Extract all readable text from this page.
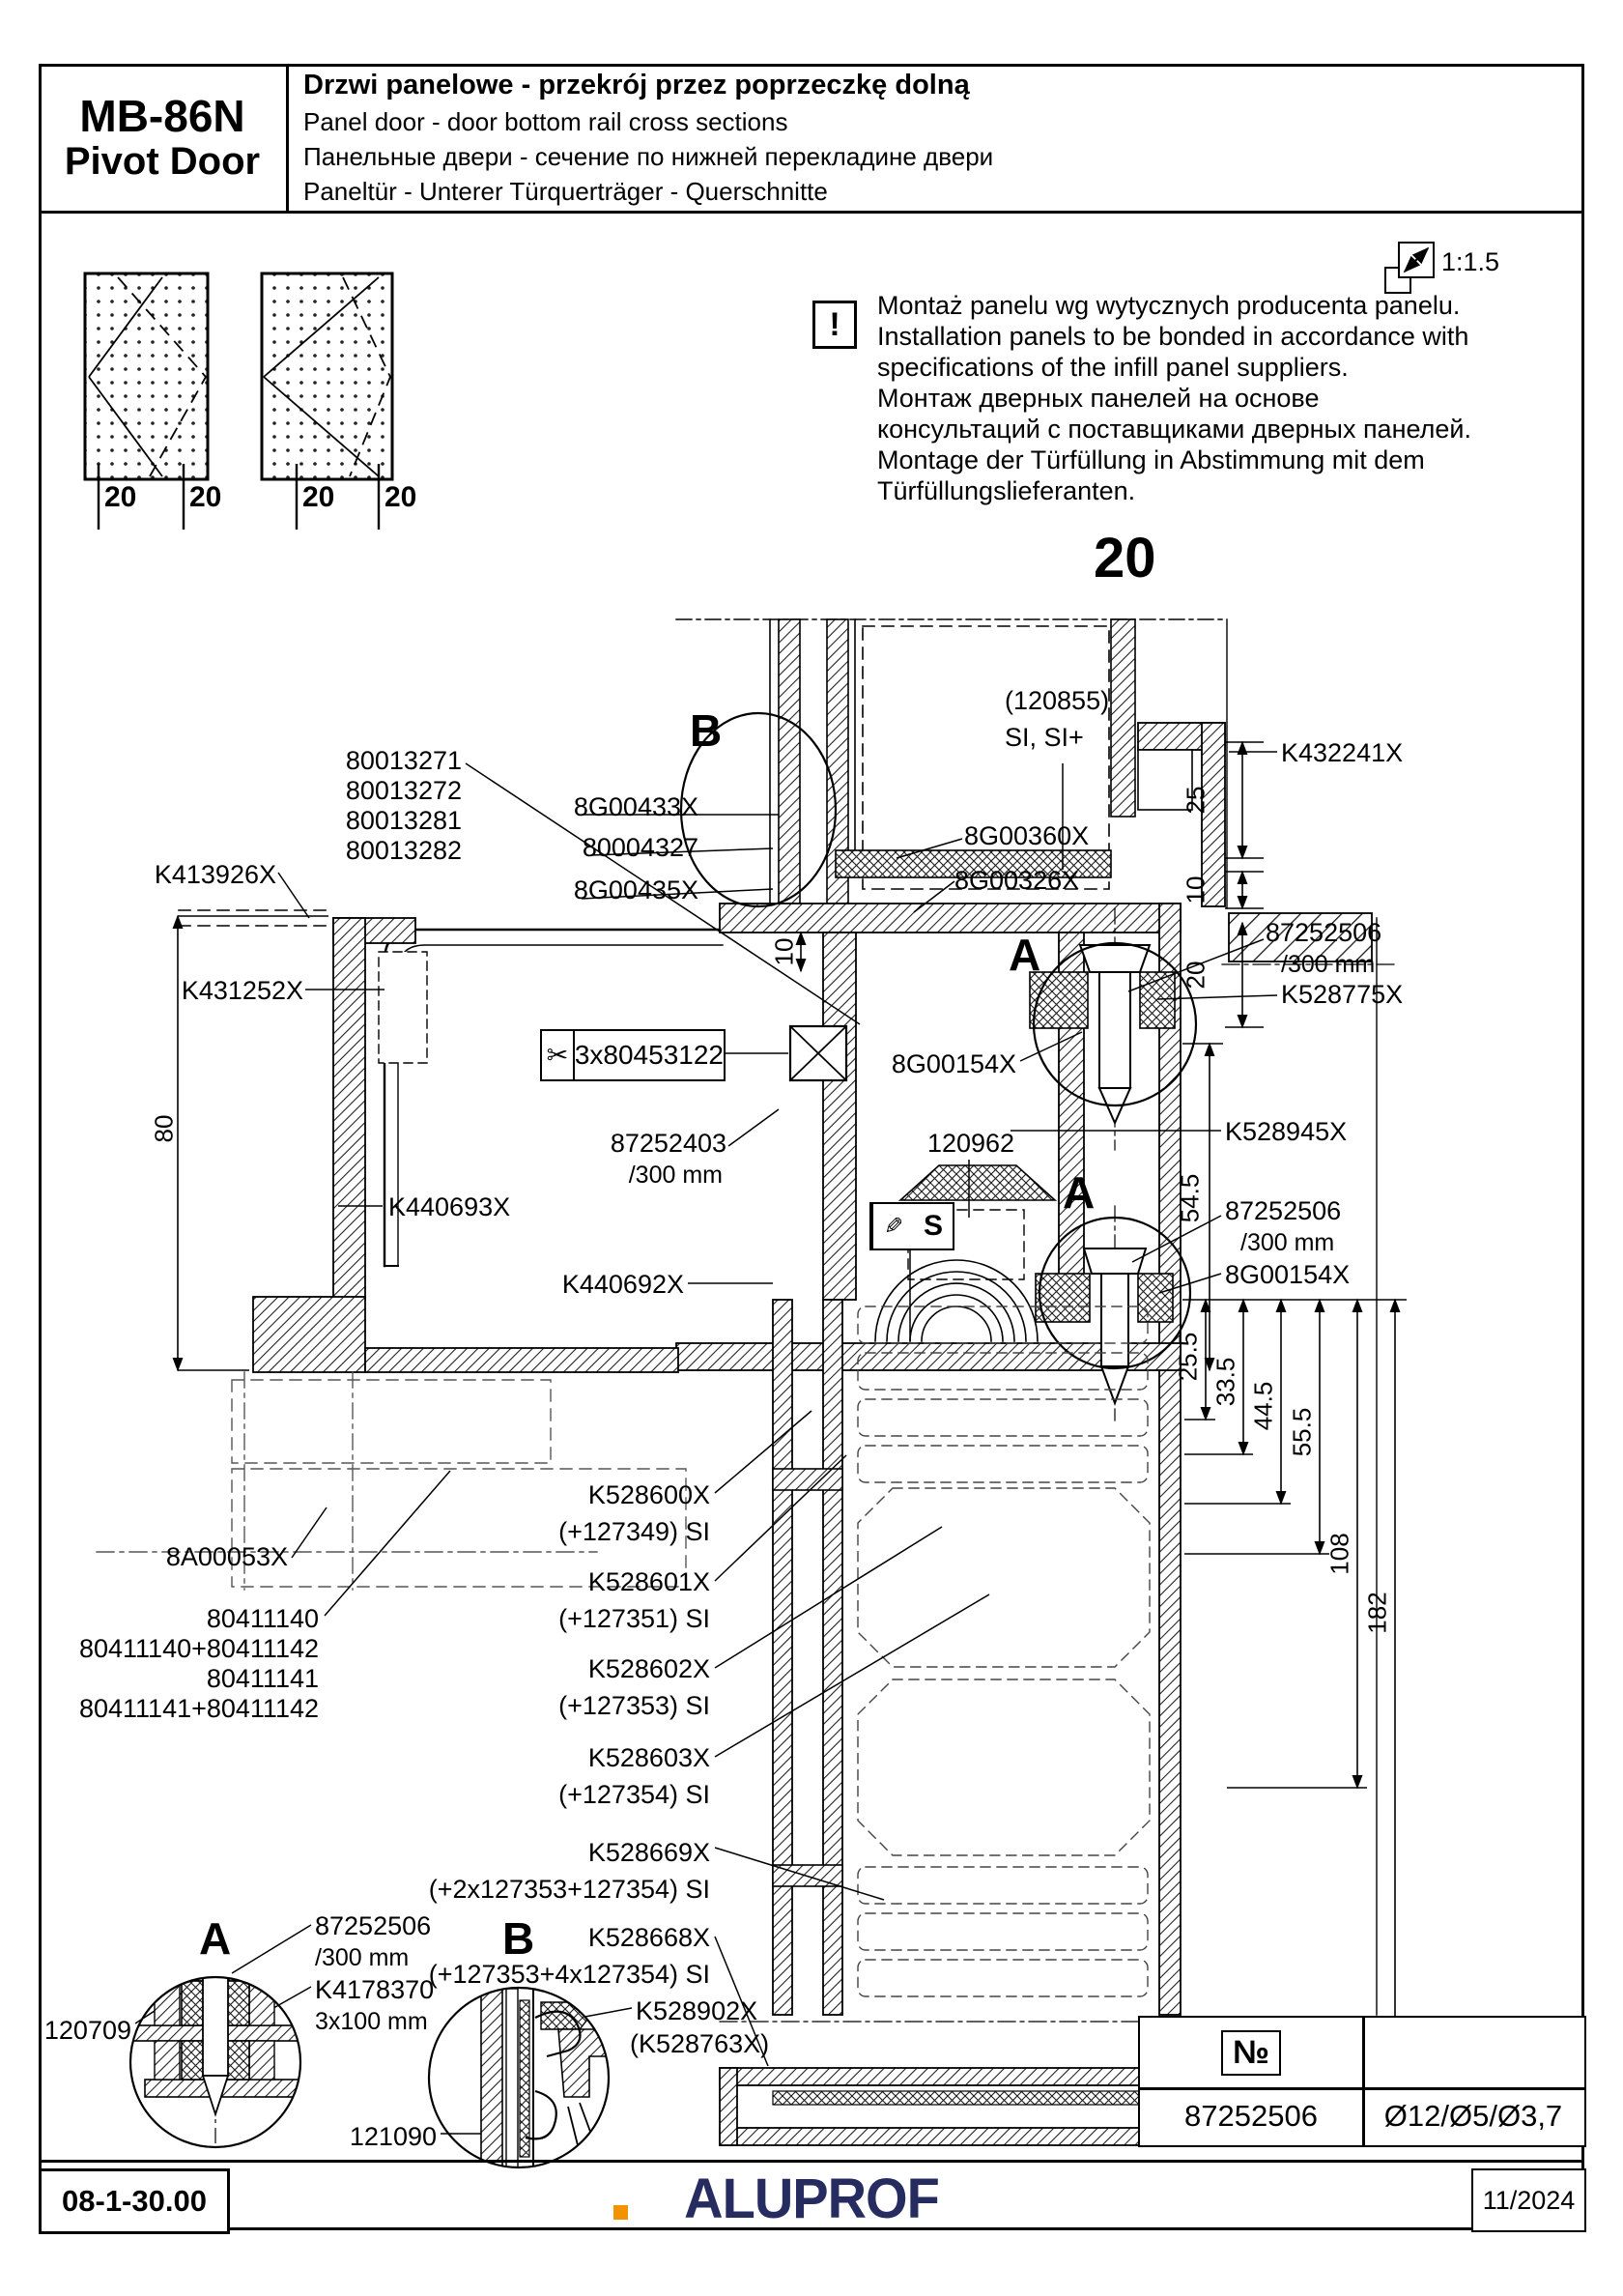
MB-86N
Pivot Door
Drzwi panelowe - przekrój przez poprzeczkę dolną
Panel door - door bottom rail cross sections
Панельные двери - сечение по нижней перекладине двери
Paneltür - Unterer Türquerträger - Querschnitte
1:1.5
!
Montaż panelu wg wytycznych producenta panelu.
Installation panels to be bonded in accordance with
specifications of the infill panel suppliers.
Монтаж дверных панелей на основе
консультаций с поставщиками дверных панелей.
Montage der Türfüllung in Abstimmung mit dem
Türfüllungslieferanten.
20 20	20 20
20
80013271
80013272
80013281
80013282
K413926X
K431252X
K440693X
✂ 3x80453122
87252403
/300 mm
K440692X
B
8G00433X
80004327
8G00435X
(120855)
SI, SI+
8G00360X
8G00326X
K432241X
87252506
/300 mm
K528775X
A
8G00154X
K528945X
120962
A	87252506
/300 mm
8G00154X
✎ S
K528600X
(+127349) SI
K528601X
(+127351) SI
K528602X
(+127353) SI
K528603X
(+127354) SI
K528669X
(+2x127353+127354) SI
K528668X
(+127353+4x127354) SI
8A00053X
80411140
80411140+80411142
80411141
80411141+80411142
80
10
25
10
20
54.5
25.5
33.5 44.5
55.5
108
182
A
120709
87252506
/300 mm
K4178370
3x100 mm
B
K528902X
(K528763X)
121090
№
87252506	Ø12/Ø5/Ø3,7
08-1-30.00	ALUPROF	11/2024
